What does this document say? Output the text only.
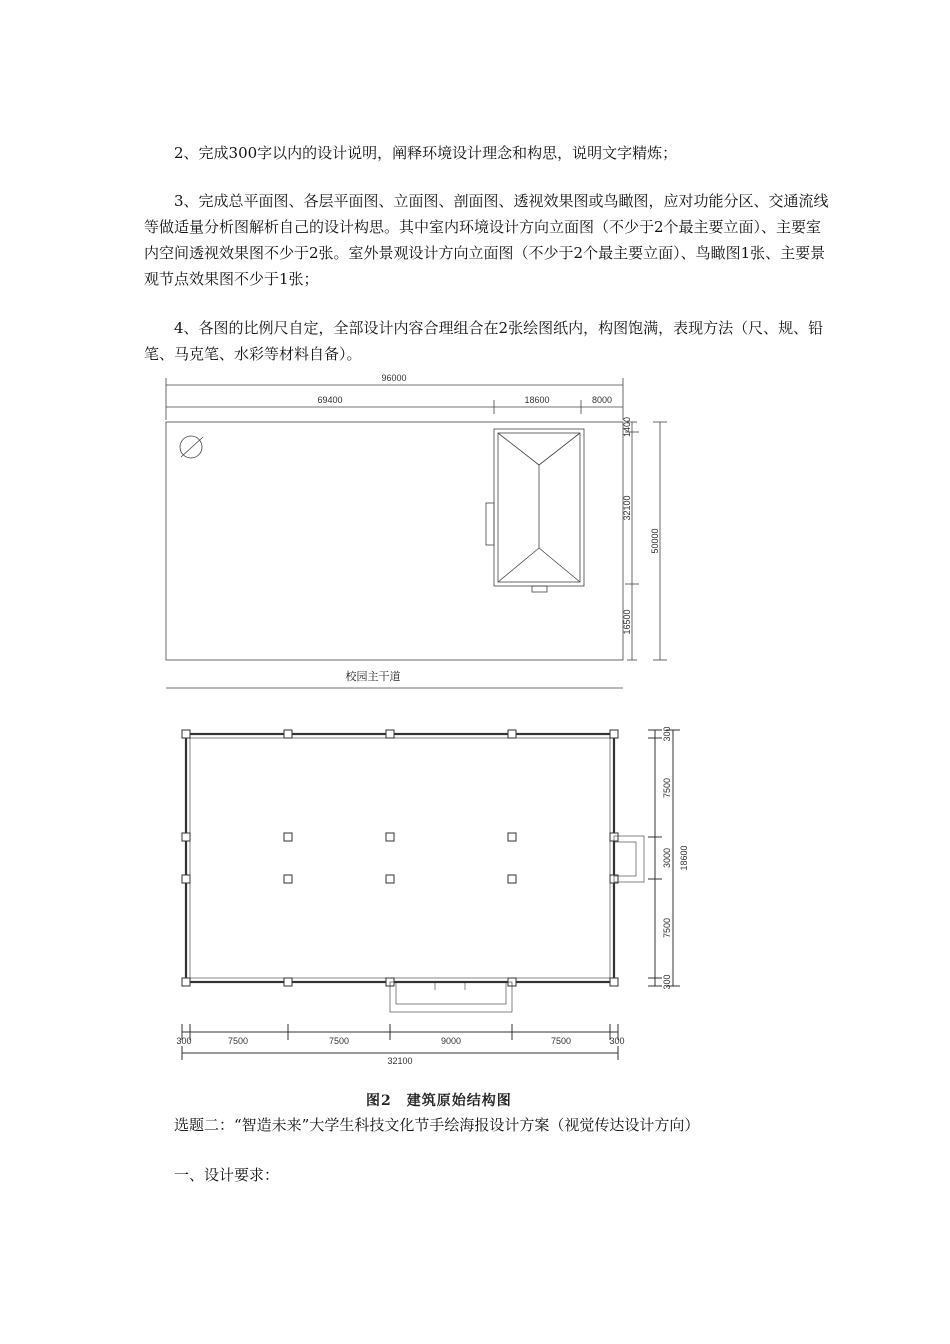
2、完成300字以内的设计说明，阐释环境设计理念和构思，说明文字精炼；

3、完成总平面图、各层平面图、立面图、剖面图、透视效果图或鸟瞰图，应对功能分区、交通流线等做适量分析图解析自己的设计构思。其中室内环境设计方向立面图（不少于2个最主要立面）、主要室内空间透视效果图不少于2张。室外景观设计方向立面图（不少于2个最主要立面）、鸟瞰图1张、主要景观节点效果图不少于1张；

4、各图的比例尺自定，全部设计内容合理组合在2张绘图纸内，构图饱满，表现方法（尺、规、铅笔、马克笔、水彩等材料自备）。

96000
69400	18600	8000
1400
32100
16500
50000
校园主干道
300	7500	7500	9000	7500	300
32100
300
7500
3000
7500
300
18600
图2　建筑原始结构图
选题二：“智造未来”大学生科技文化节手绘海报设计方案（视觉传达设计方向）
一、设计要求：
